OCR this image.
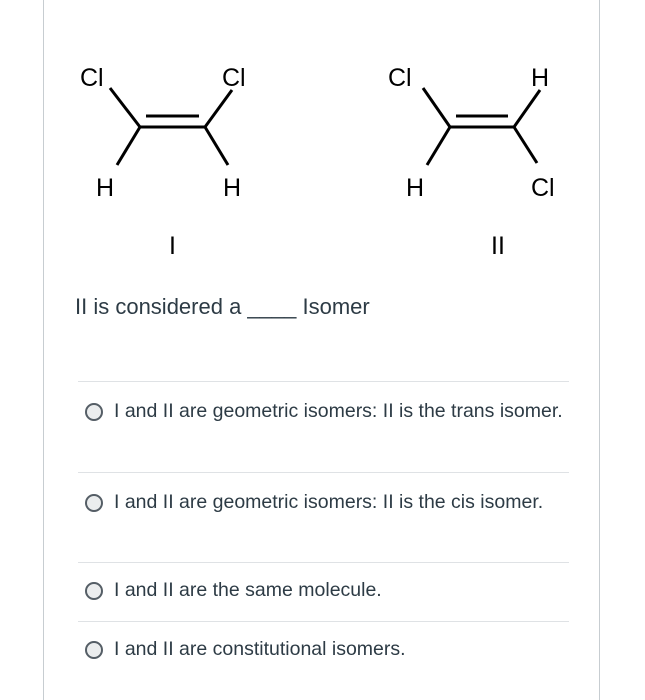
Cl	Cl
H	H
I
Cl	H
H	Cl
II
II is considered a ____ Isomer
I and II are geometric isomers: II is the trans isomer.
I and II are geometric isomers: II is the cis isomer.
I and II are the same molecule.
I and II are constitutional isomers.
